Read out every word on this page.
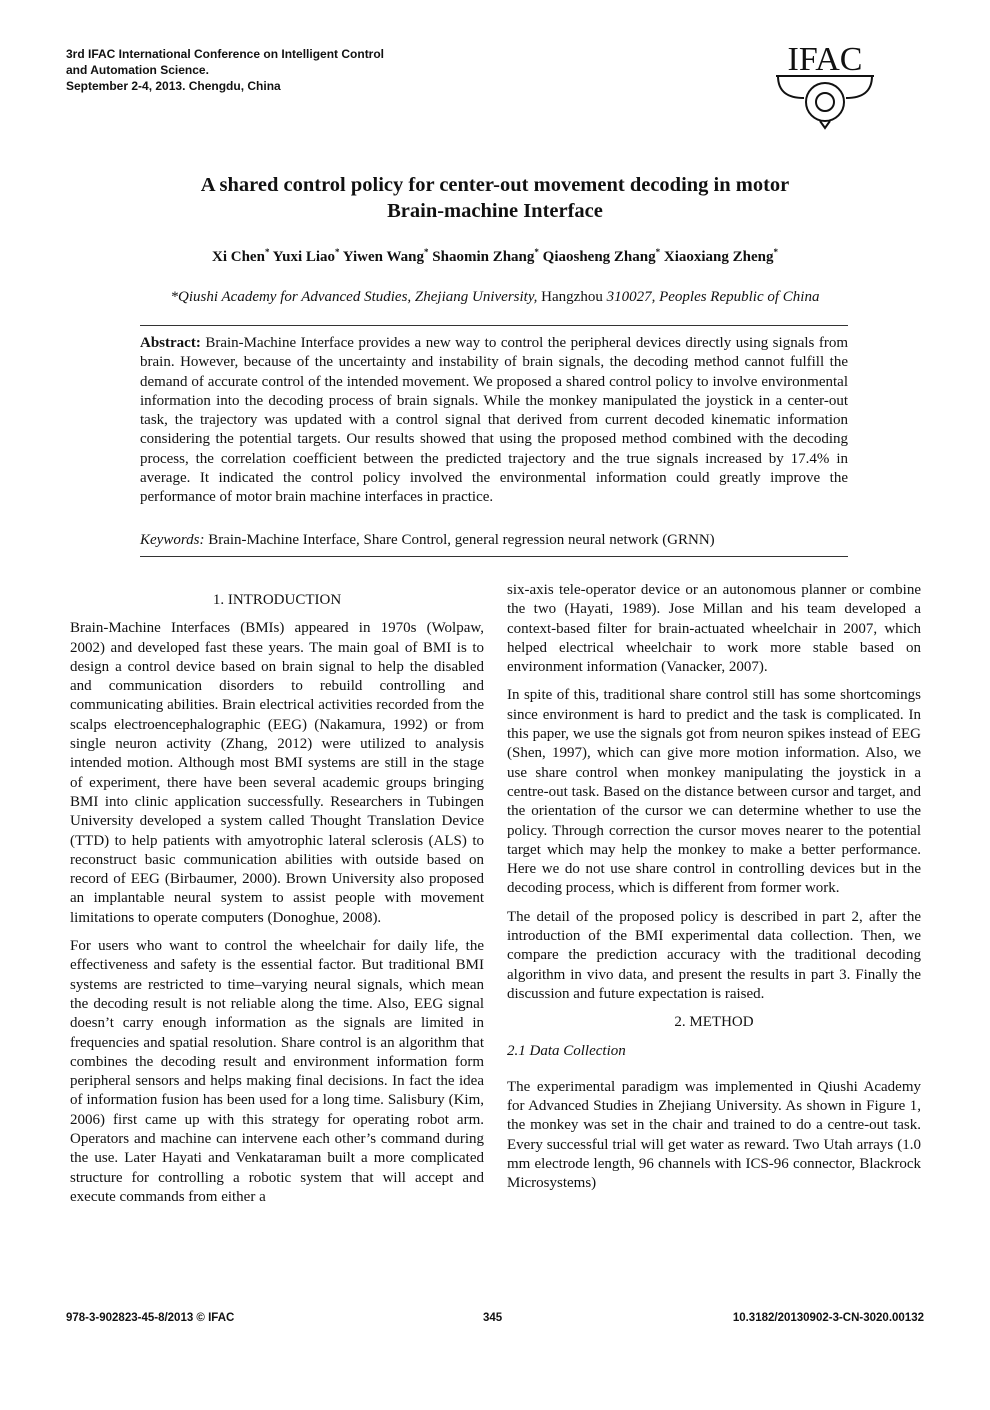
3rd IFAC International Conference on Intelligent Control
and Automation Science.
September 2-4, 2013. Chengdu, China
IFAC
A shared control policy for center-out movement decoding in motor
Brain-machine Interface
Xi Chen* Yuxi Liao* Yiwen Wang* Shaomin Zhang* Qiaosheng Zhang* Xiaoxiang Zheng*
*Qiushi Academy for Advanced Studies, Zhejiang University, Hangzhou 310027, Peoples Republic of China
Abstract: Brain-Machine Interface provides a new way to control the peripheral devices directly using signals from brain. However, because of the uncertainty and instability of brain signals, the decoding method cannot fulfill the demand of accurate control of the intended movement. We proposed a shared control policy to involve environmental information into the decoding process of brain signals. While the monkey manipulated the joystick in a center-out task, the trajectory was updated with a control signal that derived from current decoded kinematic information considering the potential targets. Our results showed that using the proposed method combined with the decoding process, the correlation coefficient between the predicted trajectory and the true signals increased by 17.4% in average. It indicated the control policy involved the environmental information could greatly improve the performance of motor brain machine interfaces in practice.
Keywords: Brain-Machine Interface, Share Control, general regression neural network (GRNN)
1. INTRODUCTION

Brain-Machine Interfaces (BMIs) appeared in 1970s (Wolpaw, 2002) and developed fast these years. The main goal of BMI is to design a control device based on brain signal to help the disabled and communication disorders to rebuild controlling and communicating abilities. Brain electrical activities recorded from the scalps electroencephalographic (EEG) (Nakamura, 1992) or from single neuron activity (Zhang, 2012) were utilized to analysis intended motion. Although most BMI systems are still in the stage of experiment, there have been several academic groups bringing BMI into clinic application successfully. Researchers in Tubingen University developed a system called Thought Translation Device (TTD) to help patients with amyotrophic lateral sclerosis (ALS) to reconstruct basic communication abilities with outside based on record of EEG (Birbaumer, 2000). Brown University also proposed an implantable neural system to assist people with movement limitations to operate computers (Donoghue, 2008).

For users who want to control the wheelchair for daily life, the effectiveness and safety is the essential factor. But traditional BMI systems are restricted to time–varying neural signals, which mean the decoding result is not reliable along the time. Also, EEG signal doesn’t carry enough information as the signals are limited in frequencies and spatial resolution. Share control is an algorithm that combines the decoding result and environment information form peripheral sensors and helps making final decisions. In fact the idea of information fusion has been used for a long time. Salisbury (Kim, 2006) first came up with this strategy for operating robot arm. Operators and machine can intervene each other’s command during the use. Later Hayati and Venkataraman built a more complicated structure for controlling a robotic system that will accept and execute commands from either a

six-axis tele-operator device or an autonomous planner or combine the two (Hayati, 1989). Jose Millan and his team developed a context-based filter for brain-actuated wheelchair in 2007, which helped electrical wheelchair to work more stable based on environment information (Vanacker, 2007).

In spite of this, traditional share control still has some shortcomings since environment is hard to predict and the task is complicated. In this paper, we use the signals got from neuron spikes instead of EEG (Shen, 1997), which can give more motion information. Also, we use share control when monkey manipulating the joystick in a centre-out task. Based on the distance between cursor and target, and the orientation of the cursor we can determine whether to use the policy. Through correction the cursor moves nearer to the potential target which may help the monkey to make a better performance. Here we do not use share control in controlling devices but in the decoding process, which is different from former work.

The detail of the proposed policy is described in part 2, after the introduction of the BMI experimental data collection. Then, we compare the prediction accuracy with the traditional decoding algorithm in vivo data, and present the results in part 3. Finally the discussion and future expectation is raised.

2. METHOD
2.1 Data Collection

The experimental paradigm was implemented in Qiushi Academy for Advanced Studies in Zhejiang University. As shown in Figure 1, the monkey was set in the chair and trained to do a centre-out task. Every successful trial will get water as reward. Two Utah arrays (1.0 mm electrode length, 96 channels with ICS-96 connector, Blackrock Microsystems)

978-3-902823-45-8/2013 © IFAC	345	10.3182/20130902-3-CN-3020.00132
